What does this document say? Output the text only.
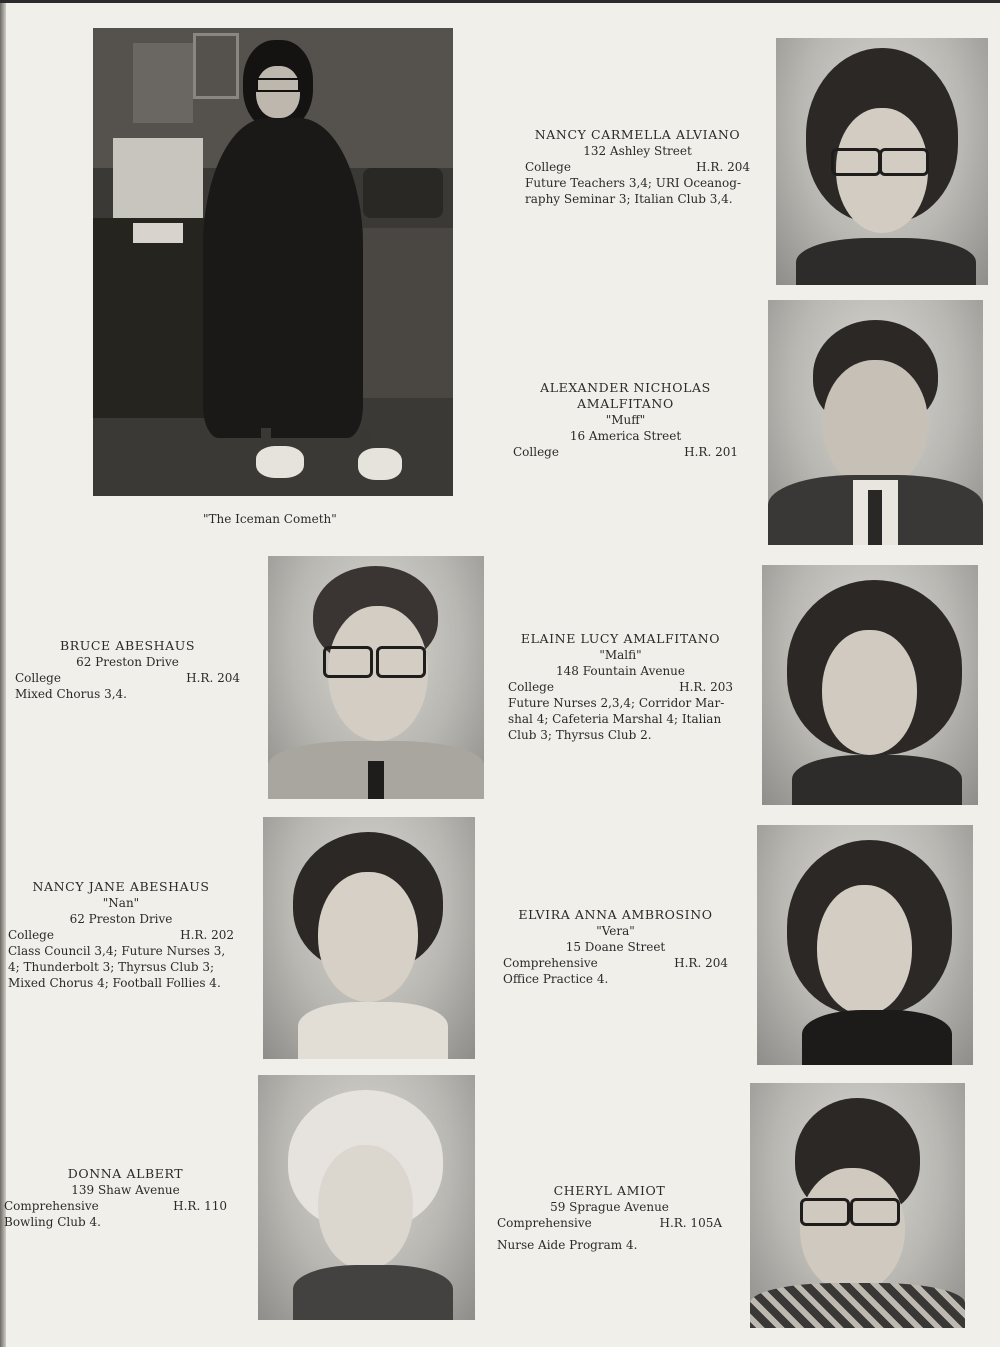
"The Iceman Cometh"
NANCY CARMELLA ALVIANO
132 Ashley Street
College	H.R. 204
Future Teachers 3,4; URI Oceanog-
raphy Seminar 3; Italian Club 3,4.
ALEXANDER NICHOLAS
AMALFITANO
"Muff"
16 America Street
College	H.R. 201
BRUCE ABESHAUS
62 Preston Drive
College	H.R. 204
Mixed Chorus 3,4.
ELAINE LUCY AMALFITANO
"Malfi"
148 Fountain Avenue
College	H.R. 203
Future Nurses 2,3,4; Corridor Mar-
shal 4; Cafeteria Marshal 4; Italian
Club 3; Thyrsus Club 2.
NANCY JANE ABESHAUS
"Nan"
62 Preston Drive
College	H.R. 202
Class Council 3,4; Future Nurses 3,
4; Thunderbolt 3; Thyrsus Club 3;
Mixed Chorus 4; Football Follies 4.
ELVIRA ANNA AMBROSINO
"Vera"
15 Doane Street
Comprehensive	H.R. 204
Office Practice 4.
DONNA ALBERT
139 Shaw Avenue
Comprehensive	H.R. 110
Bowling Club 4.
CHERYL AMIOT
59 Sprague Avenue
Comprehensive	H.R. 105A
Nurse Aide Program 4.
